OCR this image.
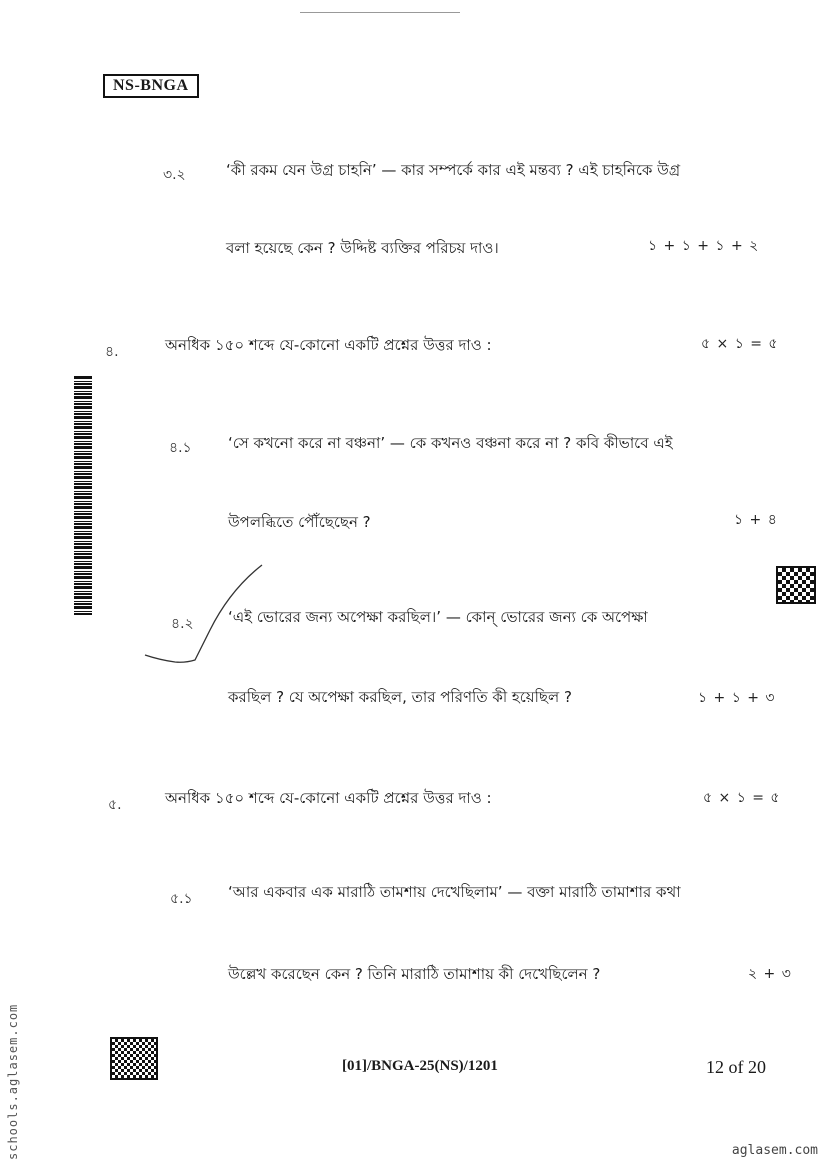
NS-BNGA
৩.২	‘কী রকম যেন উগ্র চাহনি’ — কার সম্পর্কে কার এই মন্তব্য ? এই চাহনিকে উগ্র
বলা হয়েছে কেন ? উদ্দিষ্ট ব্যক্তির পরিচয় দাও।	১ + ১ + ১ + ২
৪.	অনধিক ১৫০ শব্দে যে-কোনো একটি প্রশ্নের উত্তর দাও :	৫ × ১ = ৫
৪.১ ‘সে কখনো করে না বঞ্চনা’ — কে কখনও বঞ্চনা করে না ? কবি কীভাবে এই
উপলব্ধিতে পৌঁছেছেন ?	১ + ৪
৪.২ ‘এই ভোরের জন্য অপেক্ষা করছিল।’ — কোন্ ভোরের জন্য কে অপেক্ষা
করছিল ? যে অপেক্ষা করছিল, তার পরিণতি কী হয়েছিল ?	১ + ১ + ৩
৫.	অনধিক ১৫০ শব্দে যে-কোনো একটি প্রশ্নের উত্তর দাও :	৫ × ১ = ৫
৫.১ ‘আর একবার এক মারাঠি তামশায় দেখেছিলাম’ — বক্তা মারাঠি তামাশার কথা
উল্লেখ করেছেন কেন ? তিনি মারাঠি তামাশায় কী দেখেছিলেন ?	২ + ৩
[01]/BNGA-25(NS)/1201	12 of 20
schools.aglasem.com	aglasem.com
